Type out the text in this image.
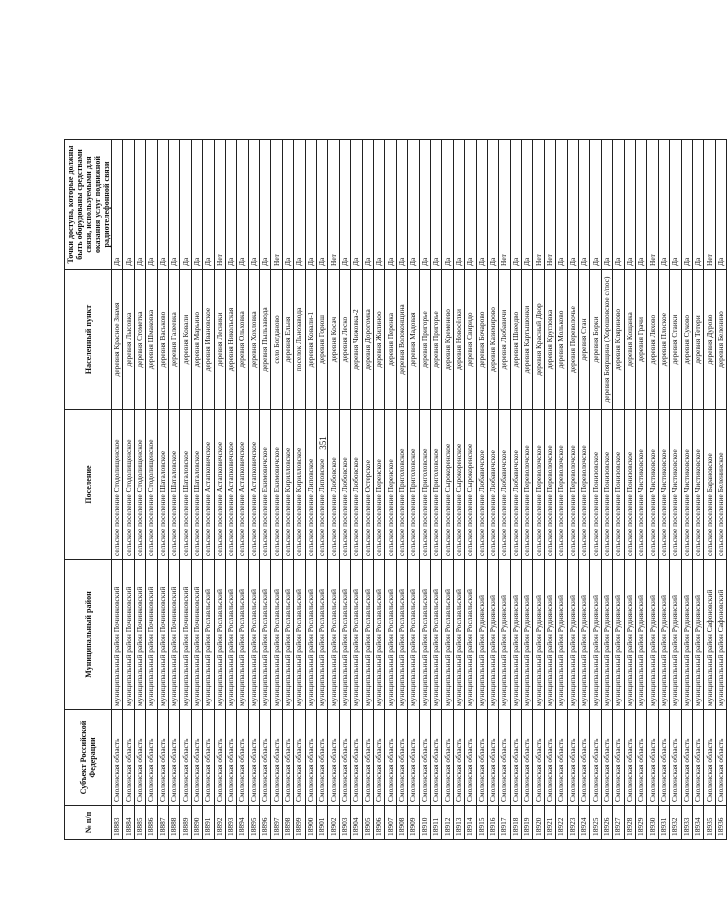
351
№ п/п	Субъект Российской Федерации	Муниципальный район	Поселение	Населенный пункт	Точки доступа, которые должны быть оборудованы средствами связи, используемыми для оказания услуг подвижной радиотелефонной связи
18883	Смоленская область	муниципальный район Починковский	сельское поселение Стодолищенское	деревня Красное Знамя	Да
18884	Смоленская область	муниципальный район Починковский	сельское поселение Стодолищенское	деревня Лысовка	Да
18885	Смоленская область	муниципальный район Починковский	сельское поселение Стодолищенское	деревня Стометка	Да
18886	Смоленская область	муниципальный район Починковский	сельское поселение Стодолищенское	деревня Шмаковка	Да
18887	Смоленская область	муниципальный район Починковский	сельское поселение Шаталовское	деревня Васьково	Да
18888	Смоленская область	муниципальный район Починковский	сельское поселение Шаталовское	деревня Галеевка	Да
18889	Смоленская область	муниципальный район Починковский	сельское поселение Шаталовское	деревня Ковали	Да
18890	Смоленская область	муниципальный район Починковский	сельское поселение Шаталовское	деревня Марьино	Да
18891	Смоленская область	муниципальный район Рославльский	сельское поселение Астапковичское	деревня Ивановское	Да
18892	Смоленская область	муниципальный район Рославльский	сельское поселение Астапковичское	деревня Лесники	Нет
18893	Смоленская область	муниципальный район Рославльский	сельское поселение Астапковичское	деревня Никольская	Да
18894	Смоленская область	муниципальный район Рославльский	сельское поселение Астапковичское	деревня Ольховка	Да
18895	Смоленская область	муниципальный район Рославльский	сельское поселение Астапковичское	деревня Хохловка	Да
18896	Смоленская область	муниципальный район Рославльский	сельское поселение Екимовичское	деревня Пыльзавода	Да
18897	Смоленская область	муниципальный район Рославльский	сельское поселение Екимовичское	село Богданово	Нет
18898	Смоленская область	муниципальный район Рославльский	сельское поселение Кирилловское	деревня Ельня	Да
18899	Смоленская область	муниципальный район Рославльский	сельское поселение Кирилловское	поселок Льнозавода	Да
18900	Смоленская область	муниципальный район Рославльский	сельское поселение Липовское	деревня Ковали-1	Да
18901	Смоленская область	муниципальный район Рославльский	сельское поселение Липовское	деревня Горюш	Да
18902	Смоленская область	муниципальный район Рославльский	сельское поселение Любовское	деревня Косач	Нет
18903	Смоленская область	муниципальный район Рославльский	сельское поселение Любовское	деревня Леско	Да
18904	Смоленская область	муниципальный район Рославльский	сельское поселение Любовское	деревня Чижовка-2	Да
18905	Смоленская область	муниципальный район Рославльский	сельское поселение Остерское	деревня Дорогомка	Да
18906	Смоленская область	муниципальный район Рославльский	сельское поселение Перенское	деревня Жилиноо	Да
18907	Смоленская область	муниципальный район Рославльский	сельское поселение Перенское	деревня Перенка	Да
18908	Смоленская область	муниципальный район Рославльский	сельское поселение Приголовское	деревня Волоконщина	Да
18909	Смоленская область	муниципальный район Рославльский	сельское поселение Приголовское	деревня Мадовая	Да
18910	Смоленская область	муниципальный район Рославльский	сельское поселение Приголовское	деревня Пригорье	Да
18911	Смоленская область	муниципальный район Рославльский	сельское поселение Приголовское	деревня Пригорье	Да
18912	Смоленская область	муниципальный район Рославльский	сельское поселение Сырокоренское	деревня Кременево	Да
18913	Смоленская область	муниципальный район Рославльский	сельское поселение Сырокоренское	деревня Новосёлки	Да
18914	Смоленская область	муниципальный район Рославльский	сельское поселение Сырокоренское	деревня Свиридо	Да
18915	Смоленская область	муниципальный район Руднянский	сельское поселение Любавичское	деревня Бочарово	Да
18916	Смоленская область	муниципальный район Руднянский	сельское поселение Любавичское	деревня Казимирово	Да
18917	Смоленская область	муниципальный район Руднянский	сельское поселение Любавичское	деревня Любавичи	Нет
18918	Смоленская область	муниципальный район Руднянский	сельское поселение Любавичское	деревня Шнеедво	Да
18919	Смоленская область	муниципальный район Руднянский	сельское поселение Переволочское	деревня Картышонки	Да
18920	Смоленская область	муниципальный район Руднянский	сельское поселение Переволочское	деревня Красный Двор	Нет
18921	Смоленская область	муниципальный район Руднянский	сельское поселение Переволочское	деревня Кругловка	Нет
18922	Смоленская область	муниципальный район Руднянский	сельское поселение Переволочское	деревня Мольково	Да
18923	Смоленская область	муниципальный район Руднянский	сельское поселение Переволочское	деревня Переволочье	Да
18924	Смоленская область	муниципальный район Руднянский	сельское поселение Переволочское	деревня Стан	Да
18925	Смоленская область	муниципальный район Руднянский	сельское поселение Понизовское	деревня Борки	Да
18926	Смоленская область	муниципальный район Руднянский	сельское поселение Понизовское	деревня Боярщина (Хорошовское с/пос)	Да
18927	Смоленская область	муниципальный район Руднянский	сельское поселение Понизовское	деревня Кляриново	Да
18928	Смоленская область	муниципальный район Руднянский	сельское поселение Понизовское	деревня Кощанка	Да
18929	Смоленская область	муниципальный район Руднянский	сельское поселение Чистиковское	деревня Грачи	Да
18930	Смоленская область	муниципальный район Руднянский	сельское поселение Чистиковское	деревня Ляхово	Нет
18931	Смоленская область	муниципальный район Руднянский	сельское поселение Чистиковское	деревня Плоское	Да
18932	Смоленская область	муниципальный район Руднянский	сельское поселение Чистиковское	деревня Стаики	Да
18933	Смоленская область	муниципальный район Руднянский	сельское поселение Чистиковское	деревня Суково	Да
18934	Смоленская область	муниципальный район Руднянский	сельское поселение Чистиковское	деревня Тетери	Да
18935	Смоленская область	муниципальный район Сафоновский	сельское поселение Барановское	деревня Дурово	Нет
18936	Смоленская область	муниципальный район Сафоновский	сельское поселение Беленинское	деревня Беленино	Да
